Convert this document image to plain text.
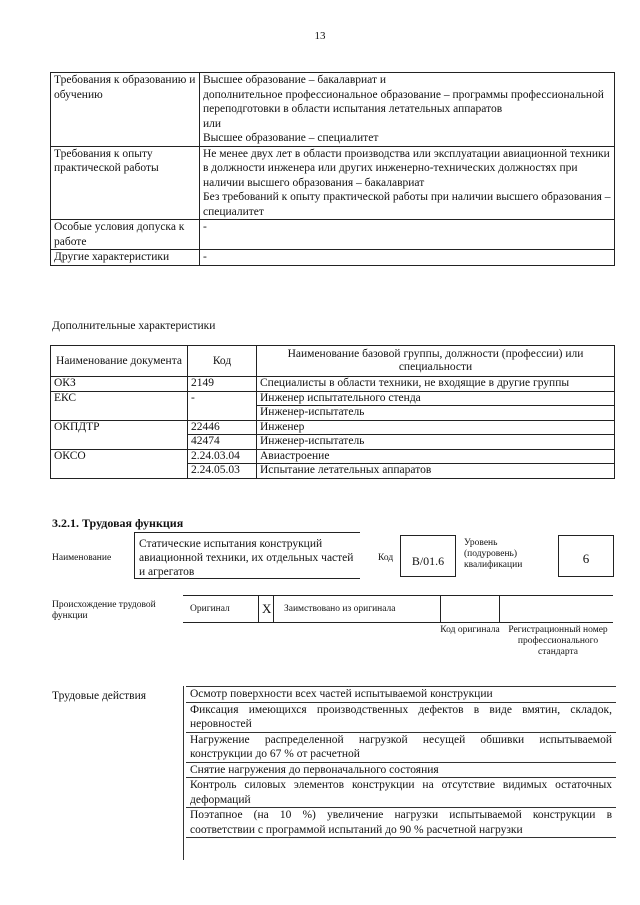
13
Требования к образованию и обучению	Высшее образование – бакалавриат и
дополнительное профессиональное образование – программы профессиональной переподготовки в области испытания летательных аппаратов
или
Высшее образование – специалитет

Требования к опыту практической работы	Не менее двух лет в области производства или эксплуатации авиационной техники в должности инженера или других инженерно-технических должностях при наличии высшего образования – бакалавриат
Без требований к опыту практической работы при наличии высшего образования – специалитет

Особые условия допуска к работе	-
Другие характеристики	-
Дополнительные характеристики
Наименование документа	Код	Наименование базовой группы, должности (профессии) или специальности
ОКЗ	2149	Специалисты в области техники, не входящие в другие группы
ЕКС	-	Инженер испытательного стенда
		Инженер-испытатель
ОКПДТР	22446	Инженер
	42474	Инженер-испытатель
ОКСО	2.24.03.04	Авиастроение
	2.24.05.03	Испытание летательных аппаратов
3.2.1. Трудовая функция
Наименование
Статические испытания конструкций авиационной техники, их отдельных частей и агрегатов
Код	B/01.6
Уровень (подуровень) квалификации	6
Происхождение трудовой функции
Оригинал X Заимствовано из оригинала
Код оригинала Регистрационный номер профессионального стандарта
Трудовые действия	Осмотр поверхности всех частей испытываемой конструкции
Фиксация имеющихся производственных дефектов в виде вмятин, складок, неровностей
Нагружение распределенной нагрузкой несущей обшивки испытываемой конструкции до 67 % от расчетной
Снятие нагружения до первоначального состояния
Контроль силовых элементов конструкции на отсутствие видимых остаточных деформаций
Поэтапное (на 10 %) увеличение нагрузки испытываемой конструкции в соответствии с программой испытаний до 90 % расчетной нагрузки
